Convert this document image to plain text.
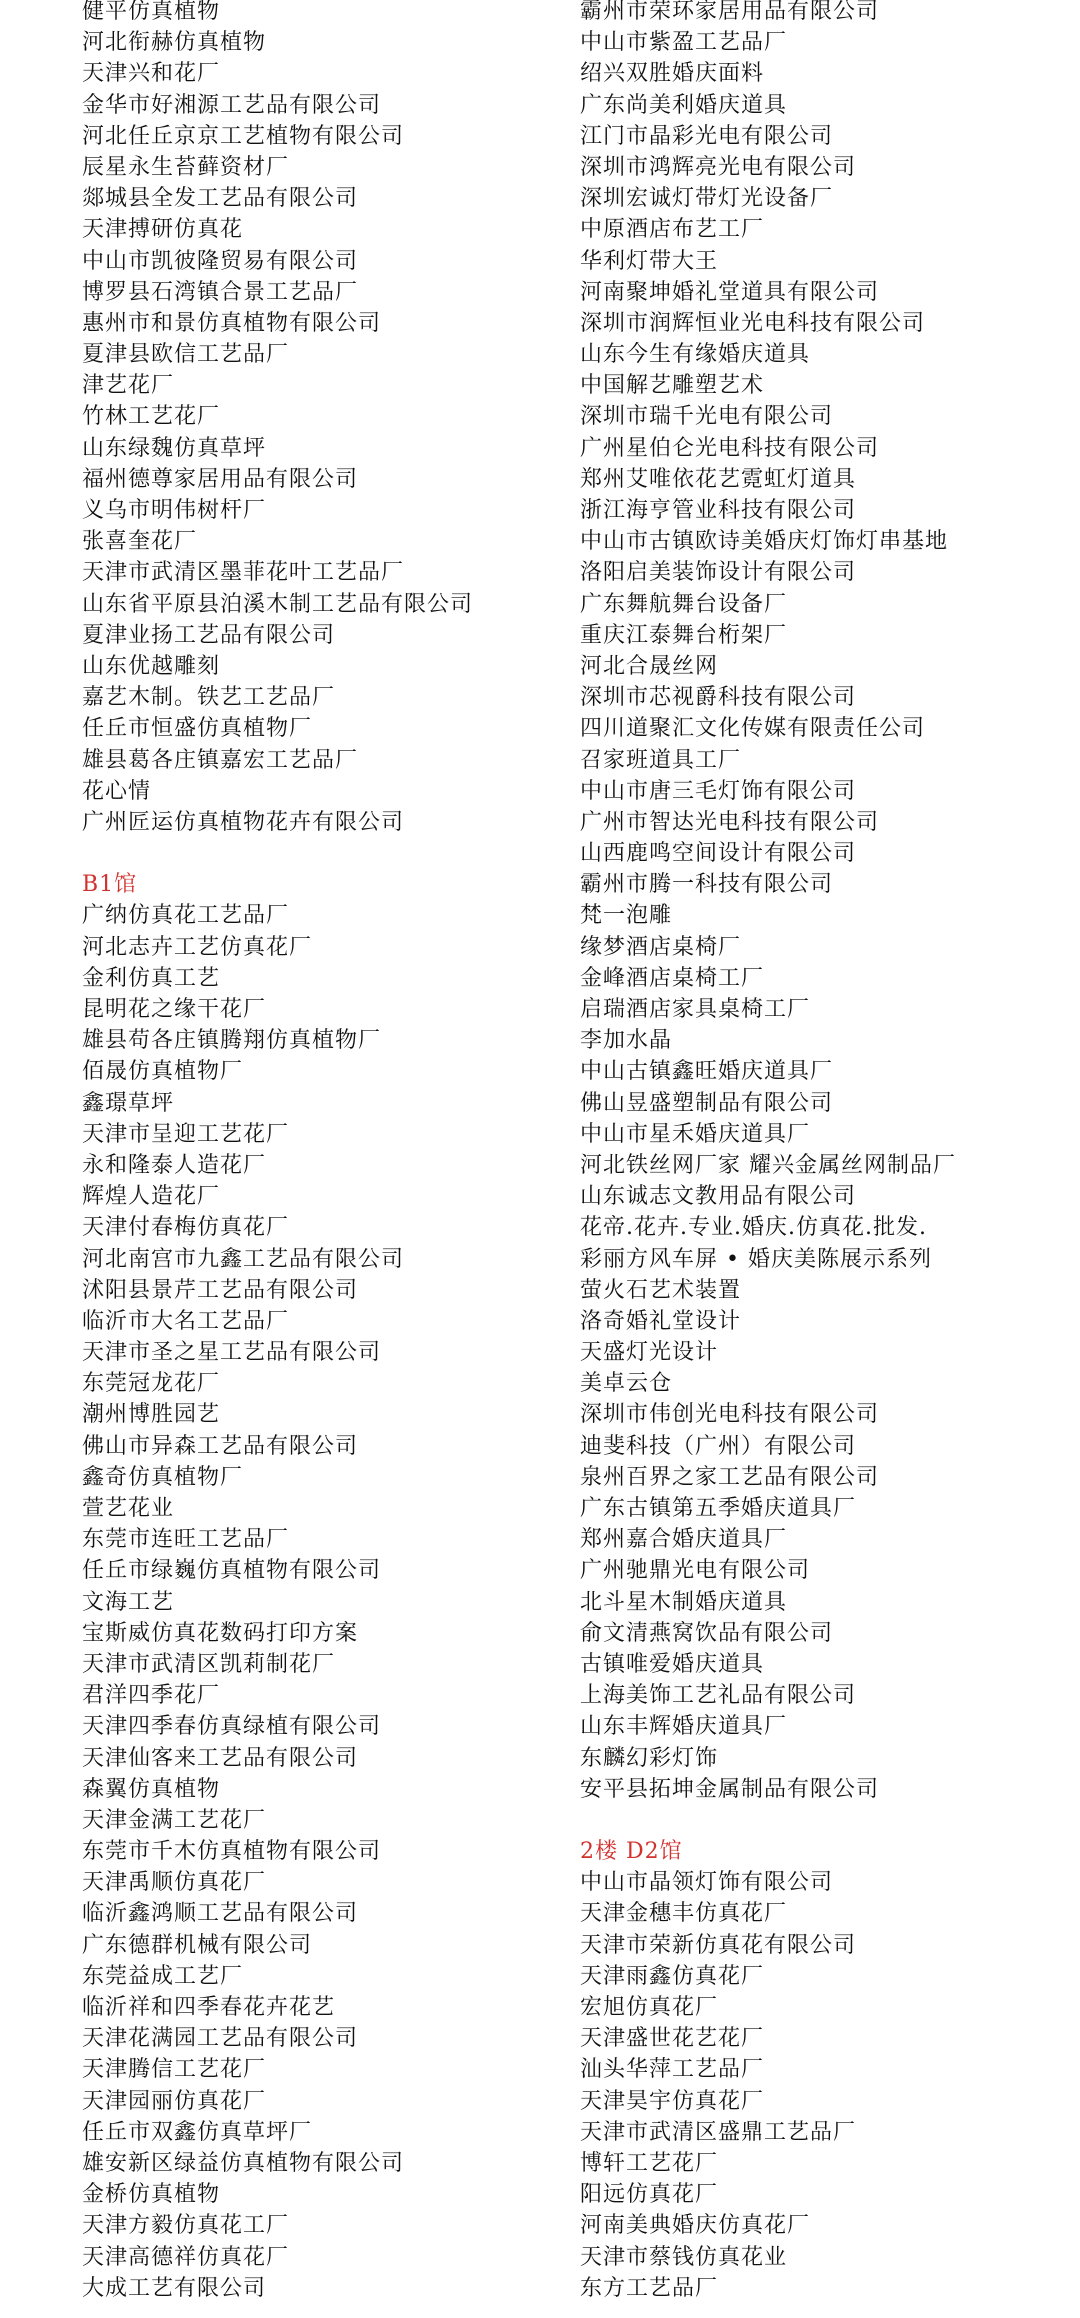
健平仿真植物
河北衔赫仿真植物
天津兴和花厂
金华市好湘源工艺品有限公司
河北任丘京京工艺植物有限公司
辰星永生苔藓资材厂
郯城县全发工艺品有限公司
天津搏研仿真花
中山市凯彼隆贸易有限公司
博罗县石湾镇合景工艺品厂
惠州市和景仿真植物有限公司
夏津县欧信工艺品厂
津艺花厂
竹林工艺花厂
山东绿魏仿真草坪
福州德尊家居用品有限公司
义乌市明伟树杆厂
张喜奎花厂
天津市武清区墨菲花叶工艺品厂
山东省平原县泊溪木制工艺品有限公司
夏津业扬工艺品有限公司
山东优越雕刻
嘉艺木制。铁艺工艺品厂
任丘市恒盛仿真植物厂
雄县葛各庄镇嘉宏工艺品厂
花心情
广州匠运仿真植物花卉有限公司
B1馆
广纳仿真花工艺品厂
河北志卉工艺仿真花厂
金利仿真工艺
昆明花之缘干花厂
雄县苟各庄镇腾翔仿真植物厂
佰晟仿真植物厂
鑫璟草坪
天津市呈迎工艺花厂
永和隆泰人造花厂
辉煌人造花厂
天津付春梅仿真花厂
河北南宫市九鑫工艺品有限公司
沭阳县景芹工艺品有限公司
临沂市大名工艺品厂
天津市圣之星工艺品有限公司
东莞冠龙花厂
潮州博胜园艺
佛山市异森工艺品有限公司
鑫奇仿真植物厂
萱艺花业
东莞市连旺工艺品厂
任丘市绿巍仿真植物有限公司
文海工艺
宝斯威仿真花数码打印方案
天津市武清区凯莉制花厂
君洋四季花厂
天津四季春仿真绿植有限公司
天津仙客来工艺品有限公司
森翼仿真植物
天津金满工艺花厂
东莞市千木仿真植物有限公司
天津禹顺仿真花厂
临沂鑫鸿顺工艺品有限公司
广东德群机械有限公司
东莞益成工艺厂
临沂祥和四季春花卉花艺
天津花满园工艺品有限公司
天津腾信工艺花厂
天津园丽仿真花厂
任丘市双鑫仿真草坪厂
雄安新区绿益仿真植物有限公司
金桥仿真植物
天津方毅仿真花工厂
天津高德祥仿真花厂
大成工艺有限公司
霸州市荣环家居用品有限公司
中山市紫盈工艺品厂
绍兴双胜婚庆面料
广东尚美利婚庆道具
江门市晶彩光电有限公司
深圳市鸿辉亮光电有限公司
深圳宏诚灯带灯光设备厂
中原酒店布艺工厂
华利灯带大王
河南聚坤婚礼堂道具有限公司
深圳市润辉恒业光电科技有限公司
山东今生有缘婚庆道具
中国解艺雕塑艺术
深圳市瑞千光电有限公司
广州星伯仑光电科技有限公司
郑州艾唯依花艺霓虹灯道具
浙江海亨管业科技有限公司
中山市古镇欧诗美婚庆灯饰灯串基地
洛阳启美装饰设计有限公司
广东舞航舞台设备厂
重庆江泰舞台桁架厂
河北合晟丝网
深圳市芯视爵科技有限公司
四川道聚汇文化传媒有限责任公司
召家班道具工厂
中山市唐三毛灯饰有限公司
广州市智达光电科技有限公司
山西鹿鸣空间设计有限公司
霸州市腾一科技有限公司
梵一泡雕
缘梦酒店桌椅厂
金峰酒店桌椅工厂
启瑞酒店家具桌椅工厂
李加水晶
中山古镇鑫旺婚庆道具厂
佛山昱盛塑制品有限公司
中山市星禾婚庆道具厂
河北铁丝网厂家 耀兴金属丝网制品厂
山东诚志文教用品有限公司
花帝.花卉.专业.婚庆.仿真花.批发.
彩丽方风车屏 • 婚庆美陈展示系列
萤火石艺术装置
洛奇婚礼堂设计
天盛灯光设计
美卓云仓
深圳市伟创光电科技有限公司
迪斐科技（广州）有限公司
泉州百界之家工艺品有限公司
广东古镇第五季婚庆道具厂
郑州嘉合婚庆道具厂
广州驰鼎光电有限公司
北斗星木制婚庆道具
俞文清燕窝饮品有限公司
古镇唯爱婚庆道具
上海美饰工艺礼品有限公司
山东丰辉婚庆道具厂
东麟幻彩灯饰
安平县拓坤金属制品有限公司
2楼 D2馆
中山市晶领灯饰有限公司
天津金穗丰仿真花厂
天津市荣新仿真花有限公司
天津雨鑫仿真花厂
宏旭仿真花厂
天津盛世花艺花厂
汕头华萍工艺品厂
天津昊宇仿真花厂
天津市武清区盛鼎工艺品厂
博轩工艺花厂
阳远仿真花厂
河南美典婚庆仿真花厂
天津市蔡钱仿真花业
东方工艺品厂
